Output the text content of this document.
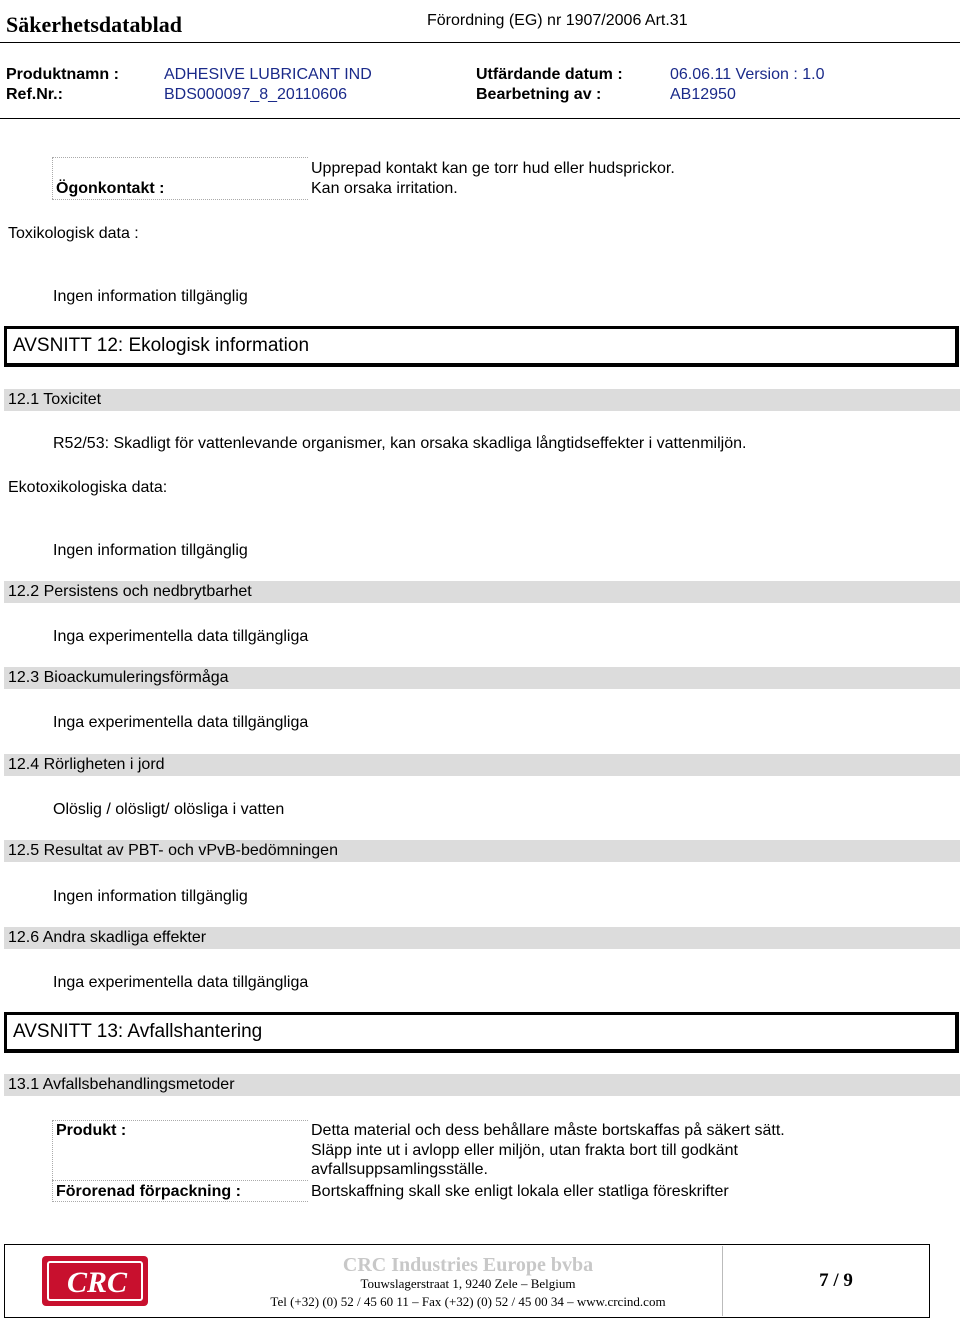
Säkerhetsdatablad	Förordning (EG) nr 1907/2006 Art.31
Produktnamn :	ADHESIVE LUBRICANT IND	Utfärdande datum :	06.06.11 Version : 1.0
Ref.Nr.:	BDS000097_8_20110606	Bearbetning av :	AB12950
Ögonkontakt :
Upprepad kontakt kan ge torr hud eller hudsprickor.
Kan orsaka irritation.
Toxikologisk data :
Ingen information tillgänglig
AVSNITT 12: Ekologisk information
12.1 Toxicitet
R52/53: Skadligt för vattenlevande organismer, kan orsaka skadliga långtidseffekter i vattenmiljön.
Ekotoxikologiska data:
Ingen information tillgänglig
12.2 Persistens och nedbrytbarhet
Inga experimentella data tillgängliga
12.3 Bioackumuleringsförmåga
Inga experimentella data tillgängliga
12.4 Rörligheten i jord
Olöslig / olösligt/ olösliga i vatten
12.5 Resultat av PBT- och vPvB-bedömningen
Ingen information tillgänglig
12.6 Andra skadliga effekter
Inga experimentella data tillgängliga
AVSNITT 13: Avfallshantering
13.1 Avfallsbehandlingsmetoder
Produkt :	Detta material och dess behållare måste bortskaffas på säkert sätt.
Släpp inte ut i avlopp eller miljön, utan frakta bort till godkänt
avfallsuppsamlingsställe.
Förorenad förpackning :	Bortskaffning skall ske enligt lokala eller statliga föreskrifter
CRC
CRC Industries Europe bvba
Touwslagerstraat 1, 9240 Zele – Belgium
Tel (+32) (0) 52 / 45 60 11 – Fax (+32) (0) 52 / 45 00 34 – www.crcind.com
7 / 9
